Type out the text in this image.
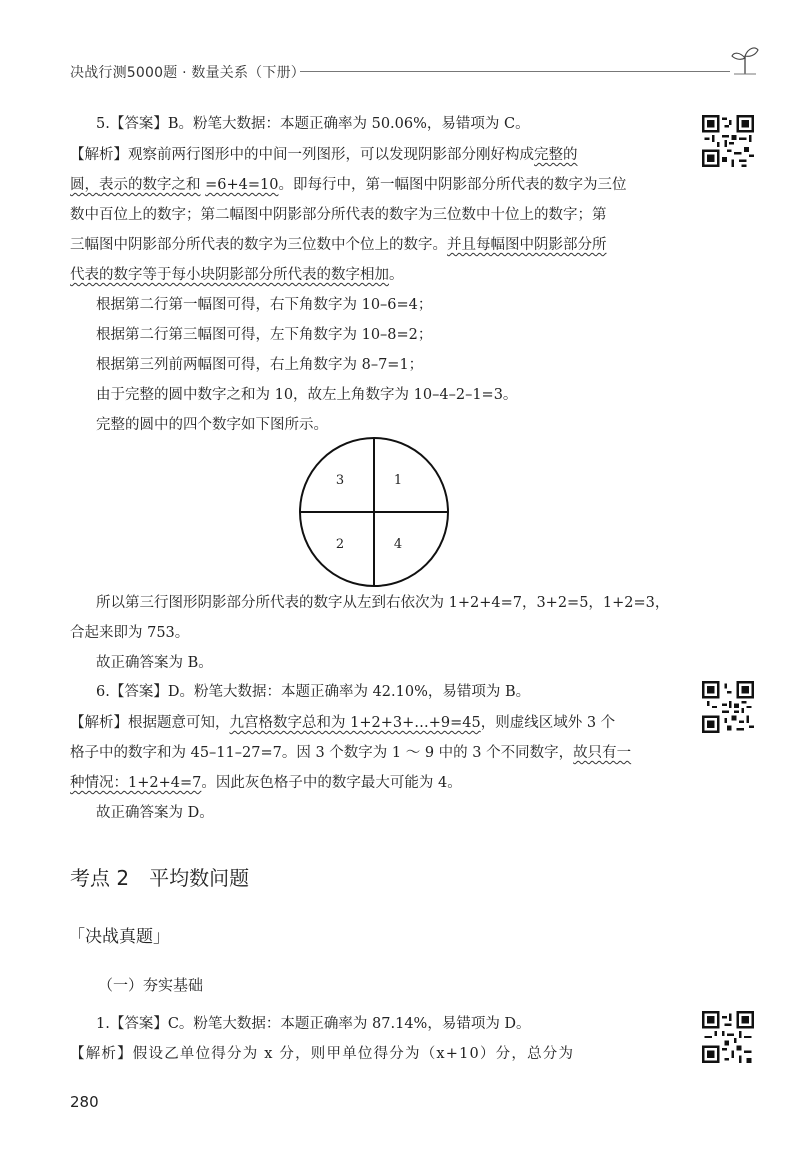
决战行测5000题 · 数量关系（下册）
5.【答案】B。粉笔大数据：本题正确率为 50.06%，易错项为 C。
【解析】观察前两行图形中的中间一列图形，可以发现阴影部分刚好构成完整的
圆，表示的数字之和 =6+4=10。即每行中，第一幅图中阴影部分所代表的数字为三位
数中百位上的数字；第二幅图中阴影部分所代表的数字为三位数中十位上的数字；第
三幅图中阴影部分所代表的数字为三位数中个位上的数字。并且每幅图中阴影部分所
代表的数字等于每小块阴影部分所代表的数字相加。
根据第二行第一幅图可得，右下角数字为 10–6=4；
根据第二行第三幅图可得，左下角数字为 10–8=2；
根据第三列前两幅图可得，右上角数字为 8–7=1；
由于完整的圆中数字之和为 10，故左上角数字为 10–4–2–1=3。
完整的圆中的四个数字如下图所示。
3	1
2	4
所以第三行图形阴影部分所代表的数字从左到右依次为 1+2+4=7，3+2=5，1+2=3，
合起来即为 753。
故正确答案为 B。
6.【答案】D。粉笔大数据：本题正确率为 42.10%，易错项为 B。
【解析】根据题意可知，九宫格数字总和为 1+2+3+…+9=45，则虚线区域外 3 个
格子中的数字和为 45–11–27=7。因 3 个数字为 1 ～ 9 中的 3 个不同数字，故只有一
种情况：1+2+4=7。因此灰色格子中的数字最大可能为 4。
故正确答案为 D。
考点 2　平均数问题
「决战真题」
（一）夯实基础
1.【答案】C。粉笔大数据：本题正确率为 87.14%，易错项为 D。
【解析】假设乙单位得分为 x 分，则甲单位得分为（x+10）分，总分为
280
